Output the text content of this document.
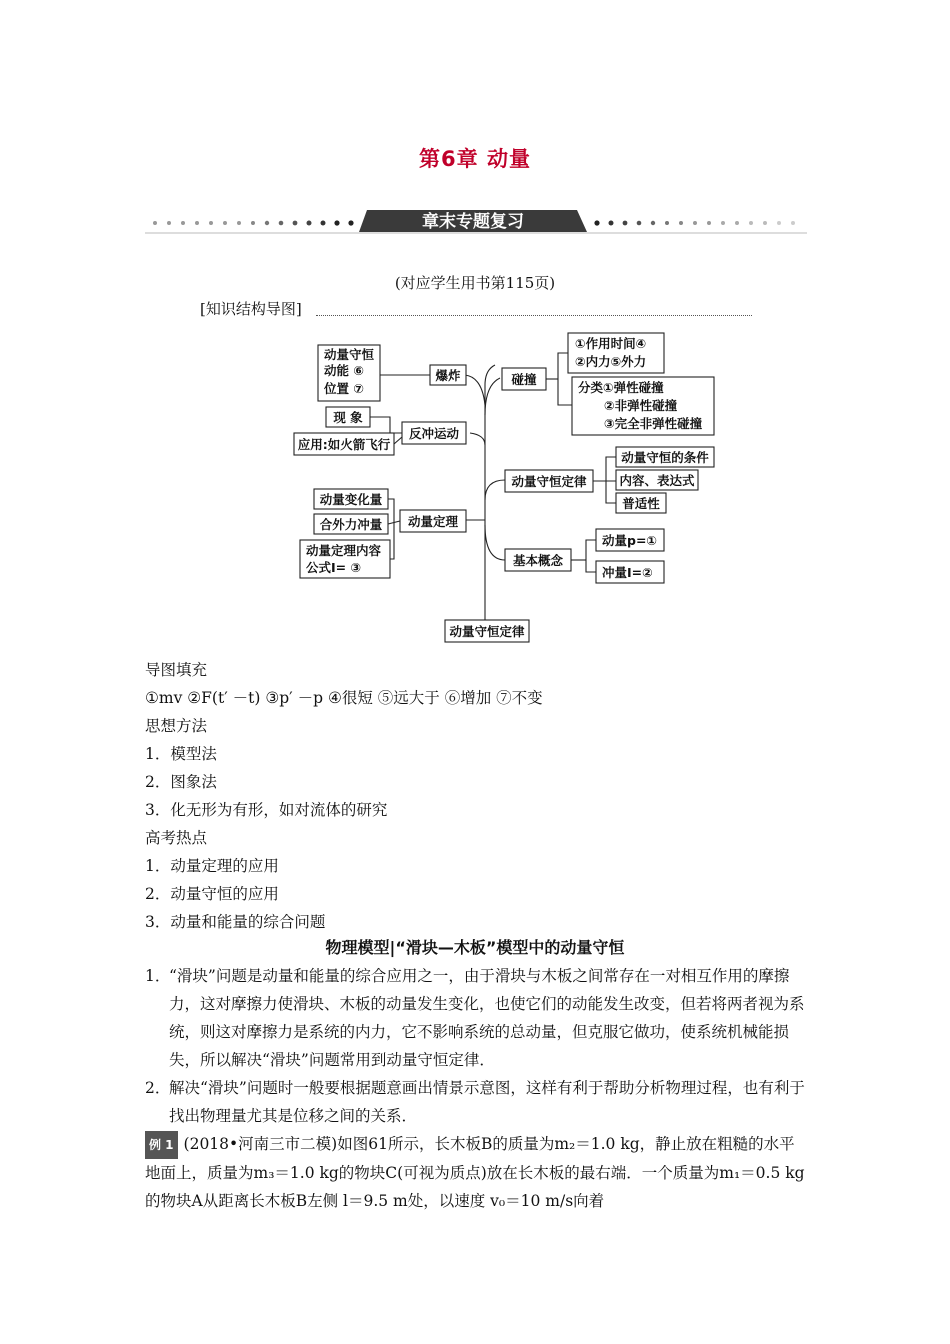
第6章 动量
章末专题复习
(对应学生用书第115页)
[知识结构导图]
动量守恒定律
爆炸
动量守恒
动能 ⑥
位置 ⑦
反冲运动
现 象
应用:如火箭飞行
动量定理
动量变化量
合外力冲量
动量定理内容
公式I= ③
碰撞
①作用时间④
②内力⑤外力
分类①弹性碰撞
②非弹性碰撞
③完全非弹性碰撞
动量守恒定律
动量守恒的条件
内容、表达式
普适性
基本概念
动量p=①
冲量I=②
导图填充
①mv ②F(t′ －t) ③p′ －p ④很短 ⑤远大于 ⑥增加 ⑦不变
思想方法
1．模型法
2．图象法
3．化无形为有形，如对流体的研究
高考热点
1．动量定理的应用
2．动量守恒的应用
3．动量和能量的综合问题
物理模型|“滑块—木板”模型中的动量守恒
1．
“滑块”问题是动量和能量的综合应用之一，由于滑块与木板之间常存在一对相互作用的摩擦力，这对摩擦力使滑块、木板的动量发生变化，也使它们的动能发生改变，但若将两者视为系统，则这对摩擦力是系统的内力，它不影响系统的总动量，但克服它做功，使系统机械能损失，所以解决“滑块”问题常用到动量守恒定律．
2．
解决“滑块”问题时一般要根据题意画出情景示意图，这样有利于帮助分析物理过程，也有利于找出物理量尤其是位移之间的关系．
例 1 (2018•河南三市二模)如图61所示，长木板B的质量为m₂＝1.0 kg，静止放在粗糙的水平地面上，质量为m₃＝1.0 kg的物块C(可视为质点)放在长木板的最右端．一个质量为m₁＝0.5 kg的物块A从距离长木板B左侧 l＝9.5 m处，以速度 v₀＝10 m/s向着
